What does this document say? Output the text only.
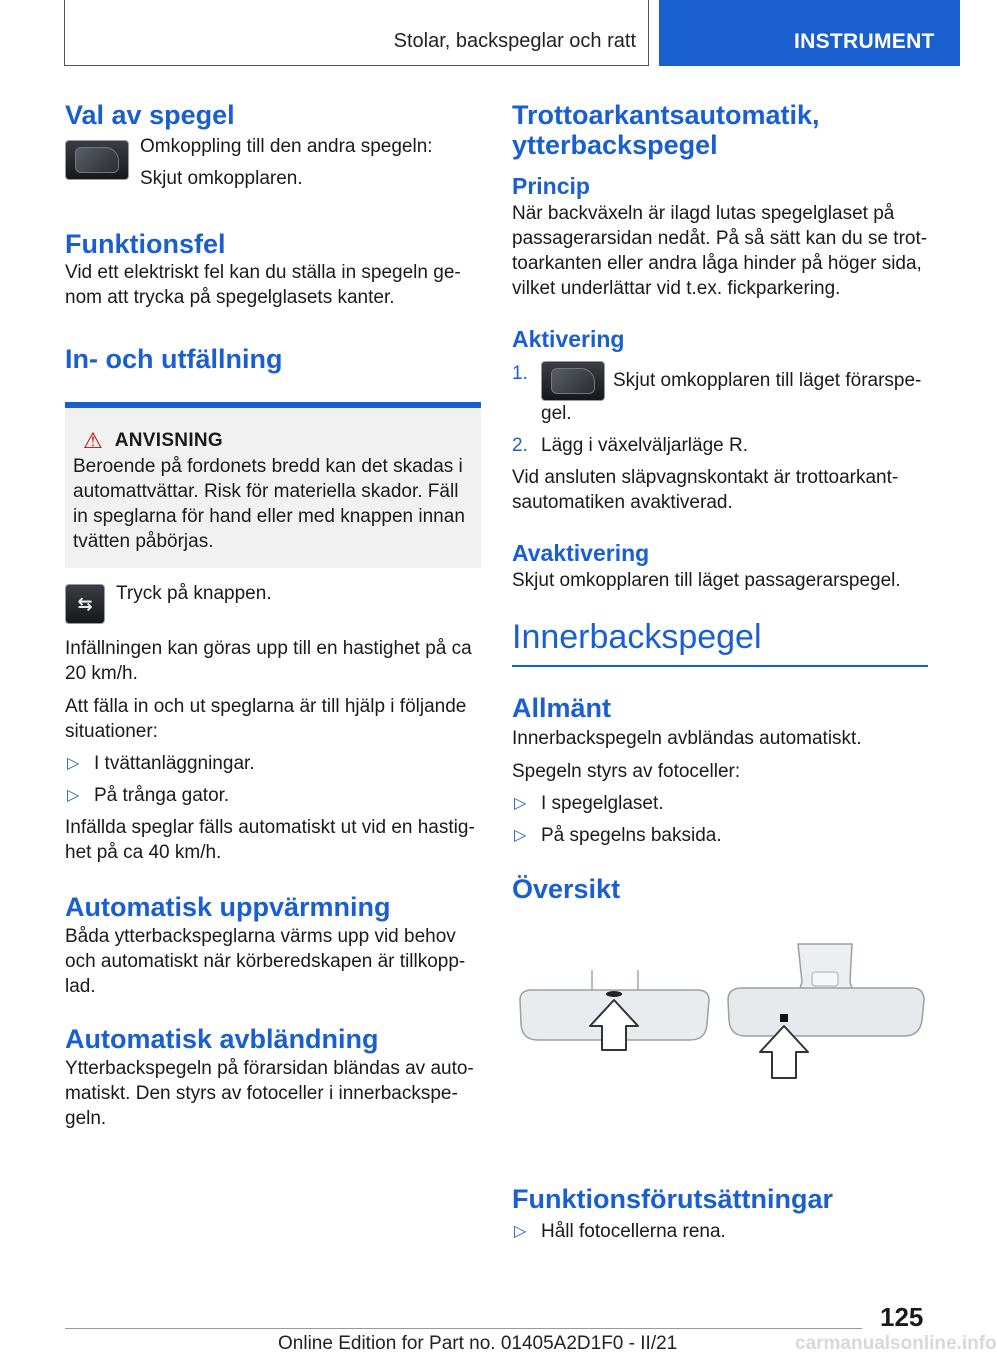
Stolar, backspeglar och ratt	INSTRUMENT
Val av spegel

Omkoppling till den andra spegeln:

Skjut omkopplaren.

Funktionsfel

Vid ett elektriskt fel kan du ställa in spegeln ge-nom att trycka på spegelglasets kanter.

In- och utfällning
⚠ ANVISNING

Beroende på fordonets bredd kan det skadas i automattvättar. Risk för materiella skador. Fäll in speglarna för hand eller med knappen innan tvätten påbörjas.

⇆ Tryck på knappen.

Infällningen kan göras upp till en hastighet på ca 20 km/h.

Att fälla in och ut speglarna är till hjälp i följande situationer:

▷ I tvättanläggningar.
▷ På trånga gator.

Infällda speglar fälls automatiskt ut vid en hastig-het på ca 40 km/h.

Automatisk uppvärmning

Båda ytterbackspeglarna värms upp vid behov och automatiskt när körberedskapen är tillkopp-lad.

Automatisk avbländning

Ytterbackspegeln på förarsidan bländas av auto-matiskt. Den styrs av fotoceller i innerbackspe-geln.

Trottoarkantsautomatik, ytterbackspegel
Princip

När backväxeln är ilagd lutas spegelglaset på passagerarsidan nedåt. På så sätt kan du se trot-toarkanten eller andra låga hinder på höger sida, vilket underlättar vid t.ex. fickparkering.

Aktivering
1.	Skjut omkopplaren till läget förarspe-gel.
2. Lägg i växelväljarläge R.

Vid ansluten släpvagnskontakt är trottoarkant-sautomatiken avaktiverad.

Avaktivering

Skjut omkopplaren till läget passagerarspegel.

Innerbackspegel
Allmänt

Innerbackspegeln avbländas automatiskt.

Spegeln styrs av fotoceller:

▷ I spegelglaset.
▷ På spegelns baksida.
Översikt
Funktionsförutsättningar
▷ Håll fotocellerna rena.
125
Online Edition for Part no. 01405A2D1F0 - II/21	carmanualsonline.info
